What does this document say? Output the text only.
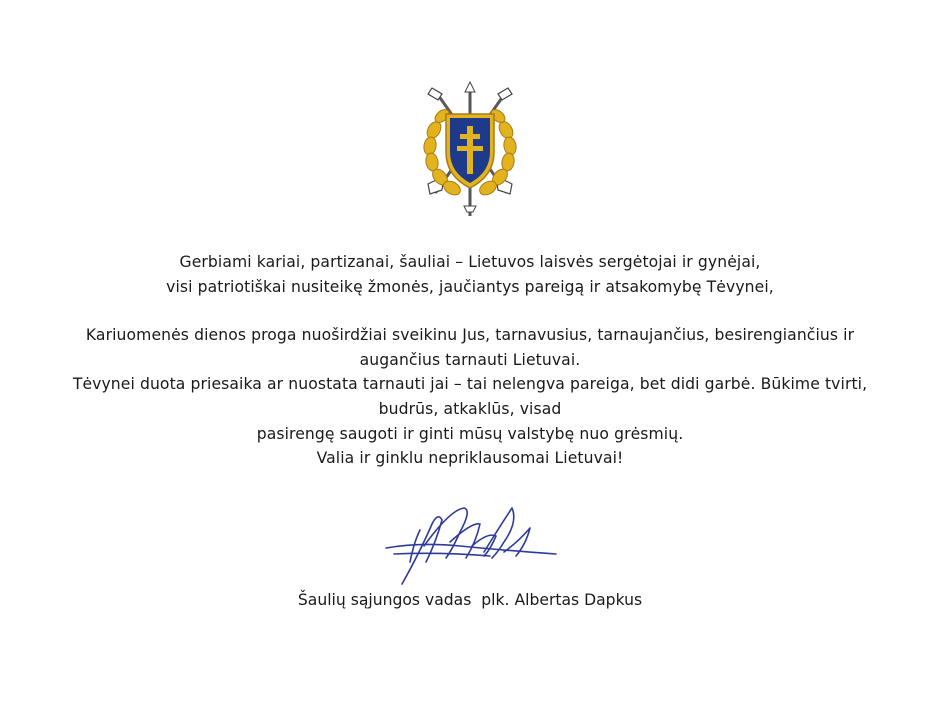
Gerbiami kariai, partizanai, šauliai – Lietuvos laisvės sergėtojai ir gynėjai,

visi patriotiškai nusiteikę žmonės, jaučiantys pareigą ir atsakomybę Tėvynei,

Kariuomenės dienos proga nuoširdžiai sveikinu Jus, tarnavusius, tarnaujančius, besirengiančius ir

augančius tarnauti Lietuvai.

Tėvynei duota priesaika ar nuostata tarnauti jai – tai nelengva pareiga, bet didi garbė. Būkime tvirti,

budrūs, atkaklūs, visad

pasirengę saugoti ir ginti mūsų valstybę nuo grėsmių.

Valia ir ginklu nepriklausomai Lietuvai!

Šaulių sąjungos vadas  plk. Albertas Dapkus
